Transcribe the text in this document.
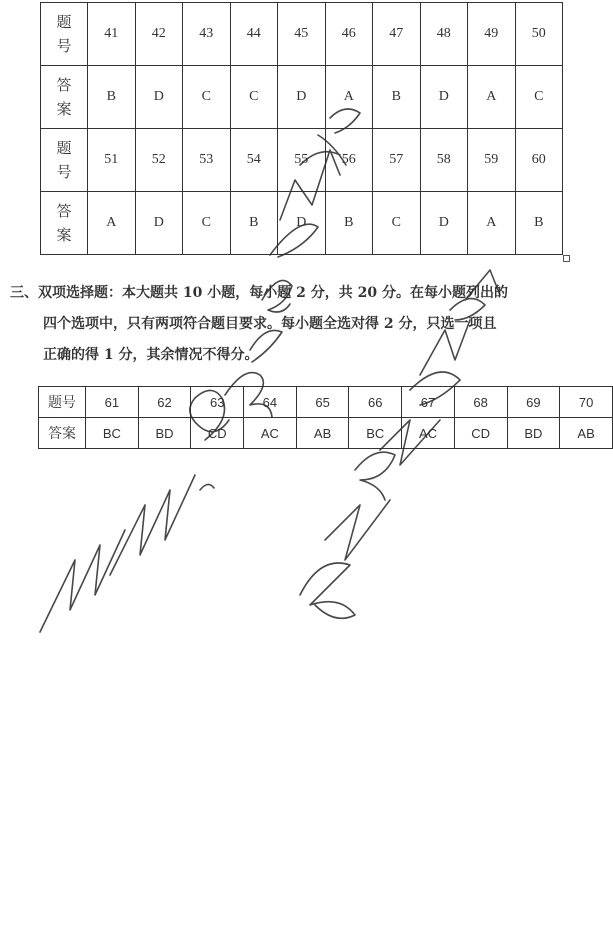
题
号	41	42	43	44	45	46	47	48	49	50
答
案	B	D	C	C	D	A	B	D	A	C
题
号	51	52	53	54	55	56	57	58	59	60
答
案	A	D	C	B	D	B	C	D	A	B
三、双项选择题：本大题共 10 小题，每小题 2 分，共 20 分。在每小题列出的
四个选项中，只有两项符合题目要求。每小题全选对得 2 分，只选一项且
正确的得 1 分，其余情况不得分。
题号	61	62	63	64	65	66	67	68	69	70
答案	BC	BD	CD	AC	AB	BC	AC	CD	BD	AB
